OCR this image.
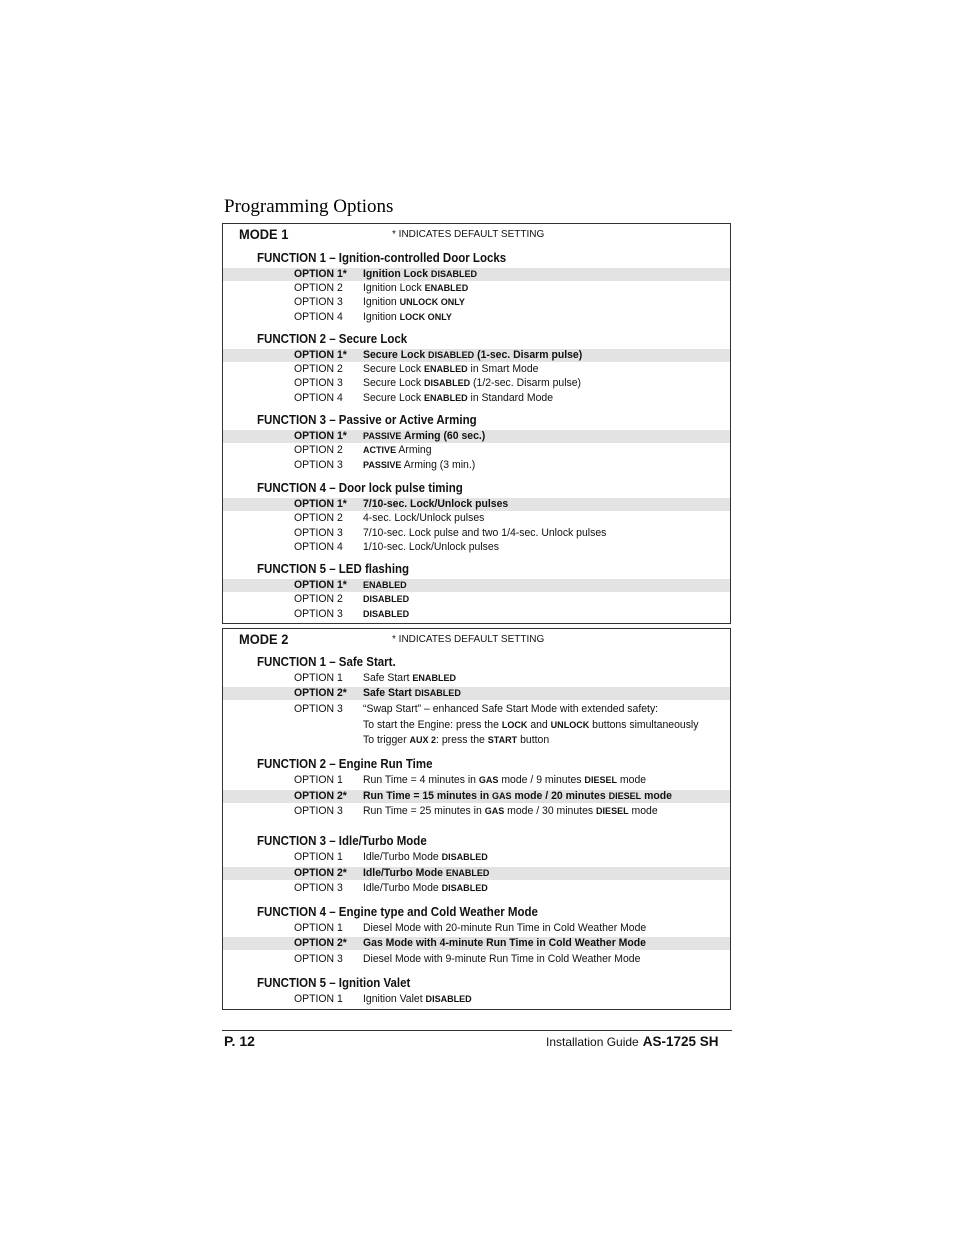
Programming Options
MODE 1	* INDICATES DEFAULT SETTING
FUNCTION 1 – Ignition-controlled Door Locks
OPTION 1* Ignition Lock DISABLED
OPTION 2 Ignition Lock ENABLED
OPTION 3 Ignition UNLOCK ONLY
OPTION 4 Ignition LOCK ONLY
FUNCTION 2 – Secure Lock
OPTION 1* Secure Lock DISABLED (1-sec. Disarm pulse)
OPTION 2 Secure Lock ENABLED in Smart Mode
OPTION 3 Secure Lock DISABLED (1/2-sec. Disarm pulse)
OPTION 4 Secure Lock ENABLED in Standard Mode
FUNCTION 3 – Passive or Active Arming
OPTION 1* PASSIVE Arming (60 sec.)
OPTION 2 ACTIVE Arming
OPTION 3 PASSIVE Arming (3 min.)
FUNCTION 4 – Door lock pulse timing
OPTION 1* 7/10-sec. Lock/Unlock pulses
OPTION 2 4-sec. Lock/Unlock pulses
OPTION 3 7/10-sec. Lock pulse and two 1/4-sec. Unlock pulses
OPTION 4 1/10-sec. Lock/Unlock pulses
FUNCTION 5 – LED flashing
OPTION 1* ENABLED
OPTION 2 DISABLED
OPTION 3 DISABLED
MODE 2	* INDICATES DEFAULT SETTING
FUNCTION 1 – Safe Start.
OPTION 1 Safe Start ENABLED
OPTION 2* Safe Start DISABLED
OPTION 3 “Swap Start” – enhanced Safe Start Mode with extended safety:
To start the Engine: press the LOCK and UNLOCK buttons simultaneously
To trigger AUX 2: press the START button
FUNCTION 2 – Engine Run Time
OPTION 1 Run Time = 4 minutes in GAS mode / 9 minutes DIESEL mode
OPTION 2* Run Time = 15 minutes in GAS mode / 20 minutes DIESEL mode
OPTION 3 Run Time = 25 minutes in GAS mode / 30 minutes DIESEL mode
FUNCTION 3 – Idle/Turbo Mode
OPTION 1 Idle/Turbo Mode DISABLED
OPTION 2* Idle/Turbo Mode ENABLED
OPTION 3 Idle/Turbo Mode DISABLED
FUNCTION 4 – Engine type and Cold Weather Mode
OPTION 1 Diesel Mode with 20-minute Run Time in Cold Weather Mode
OPTION 2* Gas Mode with 4-minute Run Time in Cold Weather Mode
OPTION 3 Diesel Mode with 9-minute Run Time in Cold Weather Mode
FUNCTION 5 – Ignition Valet
OPTION 1 Ignition Valet DISABLED
P. 12	Installation Guide AS-1725 SH
